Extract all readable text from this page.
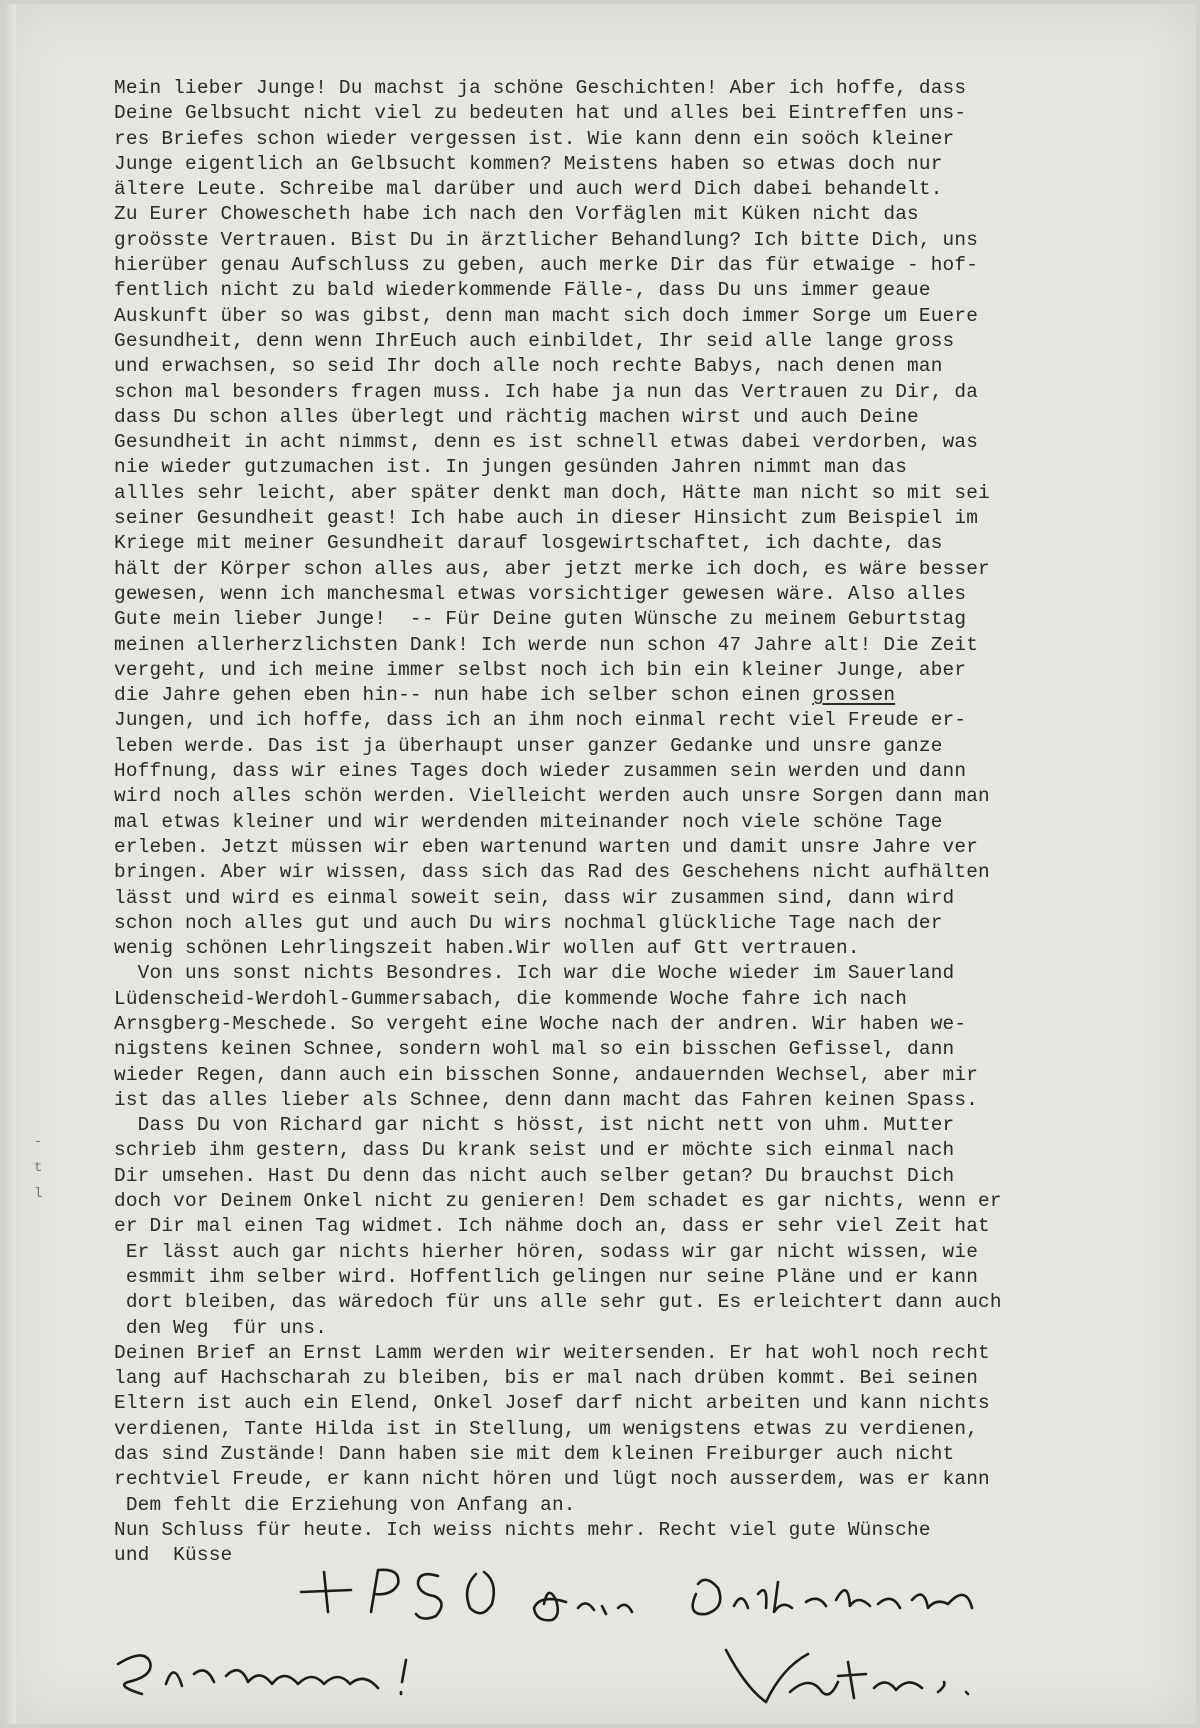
-
t
l
Mein lieber Junge! Du machst ja schöne Geschichten! Aber ich hoffe, dass
Deine Gelbsucht nicht viel zu bedeuten hat und alles bei Eintreffen uns-
res Briefes schon wieder vergessen ist. Wie kann denn ein soöch kleiner
Junge eigentlich an Gelbsucht kommen? Meistens haben so etwas doch nur
ältere Leute. Schreibe mal darüber und auch werd Dich dabei behandelt.
Zu Eurer Chowescheth habe ich nach den Vorfäglen mit Küken nicht das
groösste Vertrauen. Bist Du in ärztlicher Behandlung? Ich bitte Dich, uns
hierüber genau Aufschluss zu geben, auch merke Dir das für etwaige - hof-
fentlich nicht zu bald wiederkommende Fälle-, dass Du uns immer geaue
Auskunft über so was gibst, denn man macht sich doch immer Sorge um Euere
Gesundheit, denn wenn IhrEuch auch einbildet, Ihr seid alle lange gross
und erwachsen, so seid Ihr doch alle noch rechte Babys, nach denen man
schon mal besonders fragen muss. Ich habe ja nun das Vertrauen zu Dir, da
dass Du schon alles überlegt und rächtig machen wirst und auch Deine
Gesundheit in acht nimmst, denn es ist schnell etwas dabei verdorben, was
nie wieder gutzumachen ist. In jungen gesünden Jahren nimmt man das
allles sehr leicht, aber später denkt man doch, Hätte man nicht so mit sei
seiner Gesundheit geast! Ich habe auch in dieser Hinsicht zum Beispiel im
Kriege mit meiner Gesundheit darauf losgewirtschaftet, ich dachte, das
hält der Körper schon alles aus, aber jetzt merke ich doch, es wäre besser
gewesen, wenn ich manchesmal etwas vorsichtiger gewesen wäre. Also alles
Gute mein lieber Junge!  -- Für Deine guten Wünsche zu meinem Geburtstag
meinen allerherzlichsten Dank! Ich werde nun schon 47 Jahre alt! Die Zeit
vergeht, und ich meine immer selbst noch ich bin ein kleiner Junge, aber
die Jahre gehen eben hin-- nun habe ich selber schon einen grossen
Jungen, und ich hoffe, dass ich an ihm noch einmal recht viel Freude er-
leben werde. Das ist ja überhaupt unser ganzer Gedanke und unsre ganze
Hoffnung, dass wir eines Tages doch wieder zusammen sein werden und dann
wird noch alles schön werden. Vielleicht werden auch unsre Sorgen dann man
mal etwas kleiner und wir werdenden miteinander noch viele schöne Tage
erleben. Jetzt müssen wir eben wartenund warten und damit unsre Jahre ver
bringen. Aber wir wissen, dass sich das Rad des Geschehens nicht aufhälten
lässt und wird es einmal soweit sein, dass wir zusammen sind, dann wird
schon noch alles gut und auch Du wirs nochmal glückliche Tage nach der
wenig schönen Lehrlingszeit haben.Wir wollen auf Gtt vertrauen.
Von uns sonst nichts Besondres. Ich war die Woche wieder im Sauerland
Lüdenscheid-Werdohl-Gummersabach, die kommende Woche fahre ich nach
Arnsgberg-Meschede. So vergeht eine Woche nach der andren. Wir haben we-
nigstens keinen Schnee, sondern wohl mal so ein bisschen Gefissel, dann
wieder Regen, dann auch ein bisschen Sonne, andauernden Wechsel, aber mir
ist das alles lieber als Schnee, denn dann macht das Fahren keinen Spass.
Dass Du von Richard gar nicht s hösst, ist nicht nett von uhm. Mutter
schrieb ihm gestern, dass Du krank seist und er möchte sich einmal nach
Dir umsehen. Hast Du denn das nicht auch selber getan? Du brauchst Dich
doch vor Deinem Onkel nicht zu genieren! Dem schadet es gar nichts, wenn er
er Dir mal einen Tag widmet. Ich nähme doch an, dass er sehr viel Zeit hat
Er lässt auch gar nichts hierher hören, sodass wir gar nicht wissen, wie
esmmit ihm selber wird. Hoffentlich gelingen nur seine Pläne und er kann
dort bleiben, das wäredoch für uns alle sehr gut. Es erleichtert dann auch
den Weg  für uns.
Deinen Brief an Ernst Lamm werden wir weitersenden. Er hat wohl noch recht
lang auf Hachscharah zu bleiben, bis er mal nach drüben kommt. Bei seinen
Eltern ist auch ein Elend, Onkel Josef darf nicht arbeiten und kann nichts
verdienen, Tante Hilda ist in Stellung, um wenigstens etwas zu verdienen,
das sind Zustände! Dann haben sie mit dem kleinen Freiburger auch nicht
rechtviel Freude, er kann nicht hören und lügt noch ausserdem, was er kann
Dem fehlt die Erziehung von Anfang an.
Nun Schluss für heute. Ich weiss nichts mehr. Recht viel gute Wünsche
und  Küsse
